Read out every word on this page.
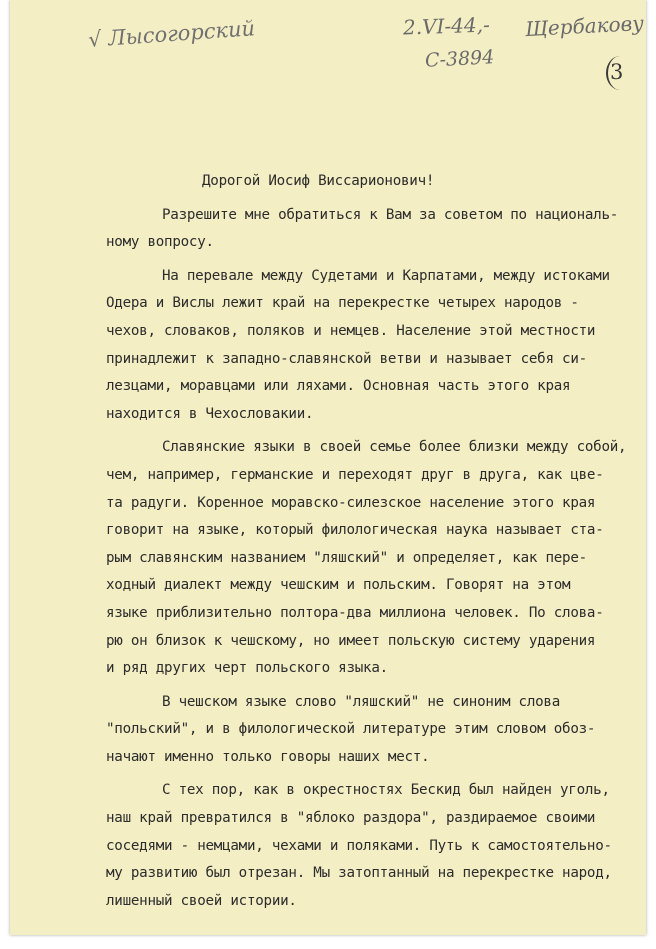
√ Лысогорский	2.VI-44,- Щербакову
С-3894
3
Дорогой Иосиф Виссарионович!
Разрешите мне обратиться к Вам за советом по националь-
ному вопросу.
На перевале между Судетами и Карпатами, между истоками
Одера и Вислы лежит край на перекрестке четырех народов -
чехов, словаков, поляков и немцев. Население этой местности
принадлежит к западно-славянской ветви и называет себя си-
лезцами, моравцами или ляхами. Основная часть этого края
находится в Чехословакии.
Славянские языки в своей семье более близки между собой,
чем, например, германские и переходят друг в друга, как цве-
та радуги. Коренное моравско-силезское население этого края
говорит на языке, который филологическая наука называет ста-
рым славянским названием "ляшский" и определяет, как пере-
ходный диалект между чешским и польским. Говорят на этом
языке приблизительно полтора-два миллиона человек. По слова-
рю он близок к чешскому, но имеет польскую систему ударения
и ряд других черт польского языка.
В чешском языке слово "ляшский" не синоним слова
"польский", и в филологической литературе этим словом обоз-
начают именно только говоры наших мест.
С тех пор, как в окрестностях Бескид был найден уголь,
наш край превратился в "яблоко раздора", раздираемое своими
соседями - немцами, чехами и поляками. Путь к самостоятельно-
му развитию был отрезан. Мы затоптанный на перекрестке народ,
лишенный своей истории.
